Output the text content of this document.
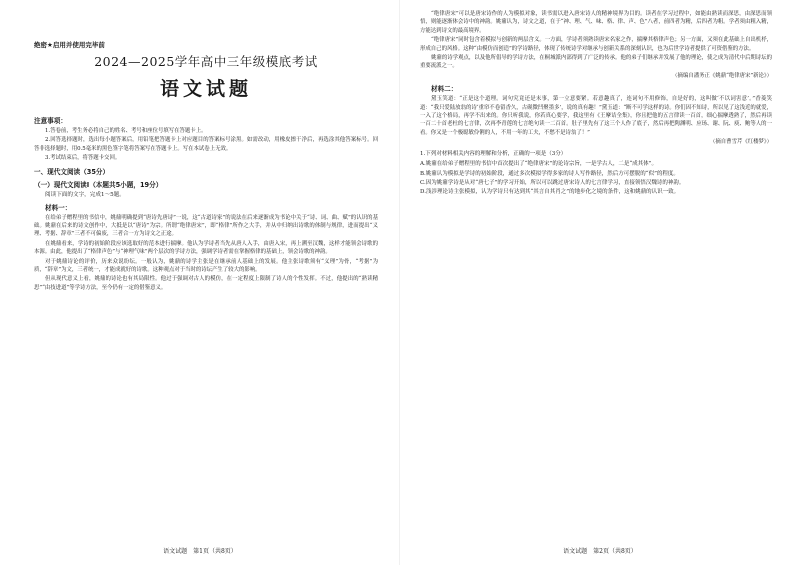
绝密★启用并使用完毕前
2024—2025学年高中三年级模底考试
语文试题
注意事项：

1.答卷前，考生务必将自己的姓名、考号和座位号填写在答题卡上。

2.回答选择题时，选出每小题答案后，用铅笔把答题卡上对应题目的答案标号涂黑。如需改动，用橡皮擦干净后，再选涂其他答案标号。回答非选择题时，用0.5毫米的黑色签字笔将答案写在答题卡上。写在本试卷上无效。

3.考试结束后，将答题卡交回。

一、现代文阅读（35分）
（一）现代文阅读Ⅰ（本题共5小题，19分）
阅读下面的文字，完成1～5题。
材料一：

在给弟子赠程里的书信中，姚鼐明确提到“唐诗先唐诗”一说，这“古道诗家”的说法在后来逐渐成为书论中关于“诗、词、曲、赋”的认识的基础。姚鼐在后来的诗文创作中，大抵是以“唐诗”为宗。所谓“绝律唐宋”，即“格律”所作之大手，并从中归纳出诗歌的体制与规律，进而提出“义理、考据、辞章”三者不可偏废，三者合一方为诗文之正途。

在姚鼐看来，学诗的初始阶段应该选取好的范本进行揣摩。他认为学诗者当先从唐人入手，由唐入宋，再上溯至汉魏，这样才能领会诗歌的本源。由此，他提出了“格律声色”与“神理气味”两个层次的学诗方法，强调学诗者需在掌握格律的基础上，领会诗歌的神韵。

对于姚鼐诗论的评价，历来众说纷纭。一般认为，姚鼐的诗学主张是在继承前人基础上的发展。他主张诗歌须有“义理”为骨，“考据”为质，“辞章”为文，三者统一，才能成就好的诗歌。这种观点对于当时的诗坛产生了较大的影响。

但从现代意义上看，姚鼐的诗论也有其局限性。他过于强调对古人的模仿，在一定程度上限制了诗人的个性发挥。不过，他提出的“熟读精思”“由技进道”等学诗方法，至今仍有一定的借鉴意义。

语文试题　第1页（共8页）

“绝律唐宋”可以是唐宋诗作的人为模拟对象，读书需以进入唐宋诗人的精神境界为目的。读者在学习过程中，如能由熟读而深思，由深思而领悟，则能逐渐体会诗中的神韵。姚鼐认为，诗文之道，在于“神、理、气、味、格、律、声、色”八者，前四者为精，后四者为粗。学者须由粗入精，方能达到诗文的最高境界。

“绝律唐宋”同时包含着模拟与创新的两层含义。一方面，学诗者须熟读唐宋名家之作，揣摩其格律声色；另一方面，又须在此基础上自出机杼，形成自己的风格。这种“由模仿而创造”的学诗路径，体现了传统诗学对继承与创新关系的深刻认识，也为后世学诗者提供了可资借鉴的方法。

姚鼐的诗学观点，以及他所倡导的学诗方法，在桐城派内部得到了广泛的传承。他的弟子们继承并发展了他的理论，使之成为清代中后期诗坛的重要流派之一。

（摘编自潘务正《姚鼐“绝律唐宋”新论》）
材料二：

黛玉笑道：“正是这个道理。词句究竟还是末事，第一立意要紧。若意趣真了，连词句不用修饰，自是好的，这叫做‘不以词害意’。”香菱笑道：“我只爱陆放翁的诗‘重帘不卷留香久，古砚微凹聚墨多’，说的真有趣！”黛玉道：“断不可学这样的诗。你们因不知诗，所以见了这浅近的就爱，一入了这个格局，再学不出来的。你只听我说，你若真心要学，我这里有《王摩诘全集》，你且把他的五言律读一百首，细心揣摩透熟了，然后再读一百二十首老杜的七言律，次再李青莲的七言绝句读一二百首。肚子里先有了这三个人作了底子，然后再把陶渊明、应玚、谢、阮、庾、鲍等人的一看。你又是一个极聪敏伶俐的人，不用一年的工夫，不愁不是诗翁了！”

（摘自曹雪芹《红楼梦》）
1.下列对材料相关内容的理解和分析，正确的一项是（3分）
A.姚鼐在给弟子赠程里的书信中首次提出了“绝律唐宋”的论诗宗旨，一是学古人，二是“成其体”。
B.姚鼐认为模拟是学诗的初始阶段，通过多次模拟学得多家的诗人写作路径，然后方可摆脱的“似”的程度。
C.因为姚鼐学诗是从对“唐七子”的学习开始，所以可以跳过唐宋诗人的七言律学习，直接领悟汉魏诗的神韵。
D.浅涉理论诗主张模拟，认为学诗只有达到其“其言自其肖之”的地步化之境的条件，这和姚鼐的认识一致。
语文试题　第2页（共8页）
